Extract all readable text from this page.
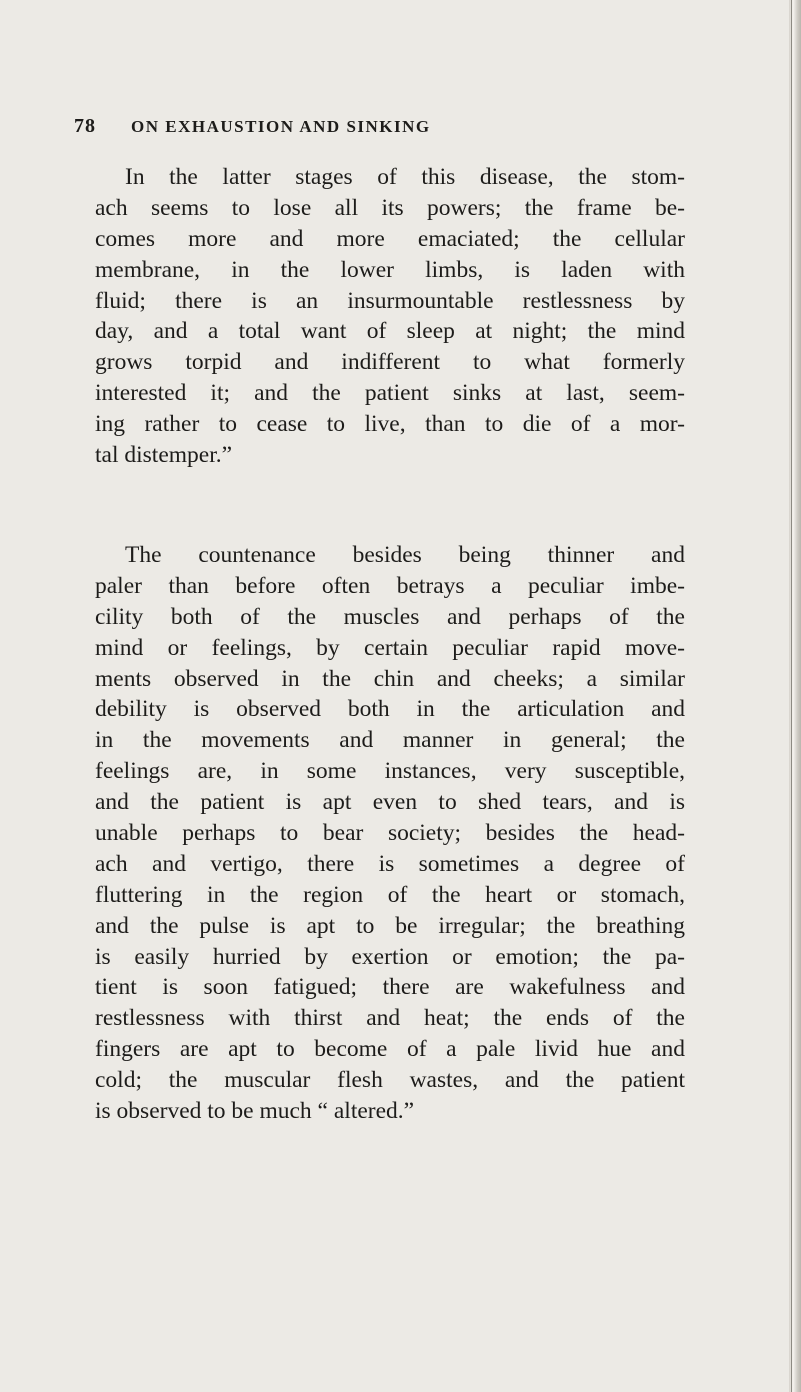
78 ON EXHAUSTION AND SINKING
In the latter stages of this disease, the stom-
ach seems to lose all its powers; the frame be-
comes more and more emaciated; the cellular
membrane, in the lower limbs, is laden with
fluid; there is an insurmountable restlessness by
day, and a total want of sleep at night; the mind
grows torpid and indifferent to what formerly
interested it; and the patient sinks at last, seem-
ing rather to cease to live, than to die of a mor-
tal distemper.”
The countenance besides being thinner and
paler than before often betrays a peculiar imbe-
cility both of the muscles and perhaps of the
mind or feelings, by certain peculiar rapid move-
ments observed in the chin and cheeks; a similar
debility is observed both in the articulation and
in the movements and manner in general; the
feelings are, in some instances, very susceptible,
and the patient is apt even to shed tears, and is
unable perhaps to bear society; besides the head-
ach and vertigo, there is sometimes a degree of
fluttering in the region of the heart or stomach,
and the pulse is apt to be irregular; the breathing
is easily hurried by exertion or emotion; the pa-
tient is soon fatigued; there are wakefulness and
restlessness with thirst and heat; the ends of the
fingers are apt to become of a pale livid hue and
cold; the muscular flesh wastes, and the patient
is observed to be much “ altered.”
